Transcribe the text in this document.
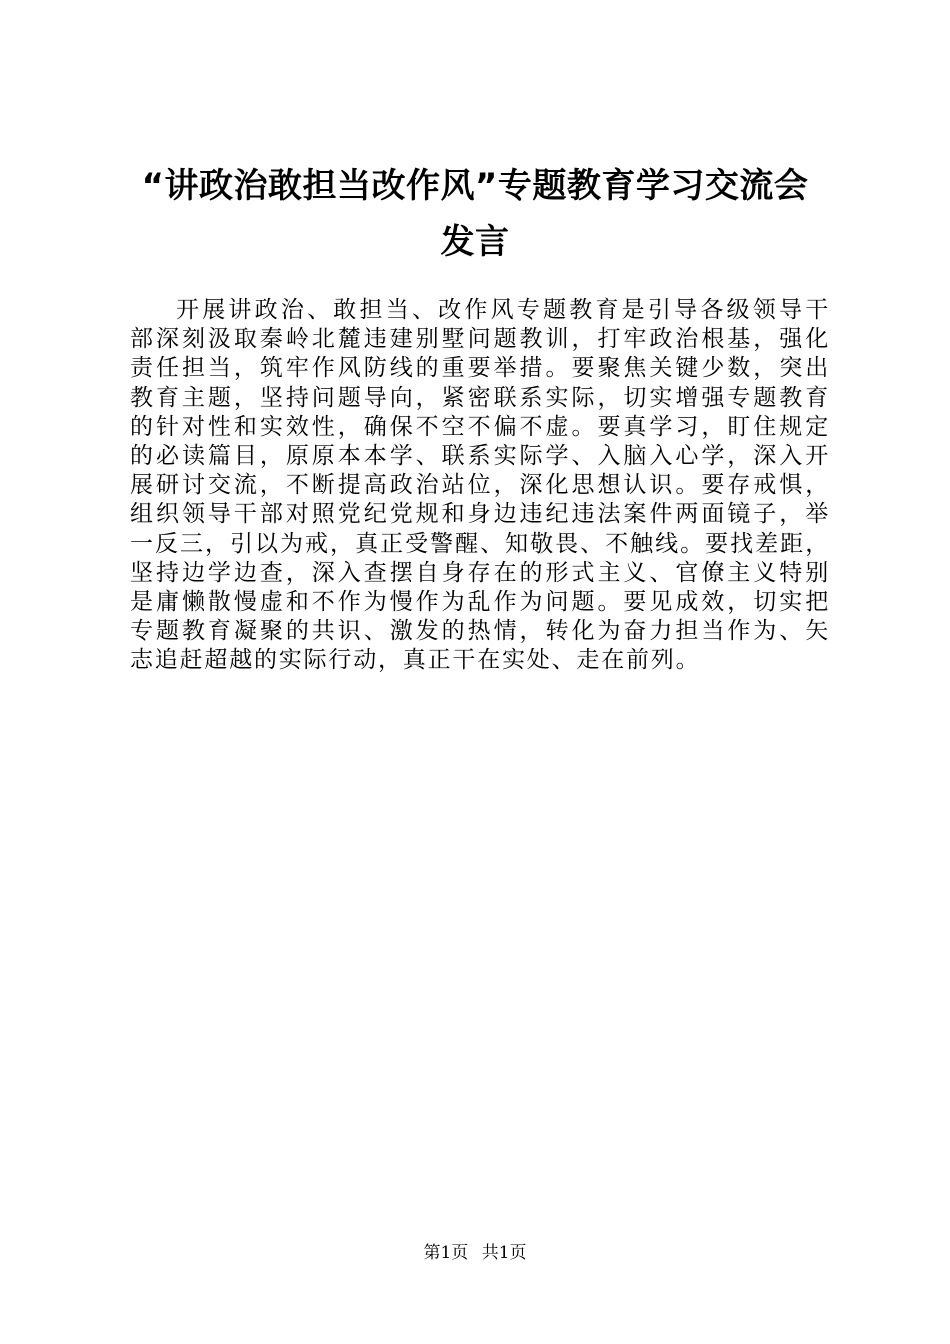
“讲政治敢担当改作风”专题教育学习交流会
发言
开展讲政治、敢担当、改作风专题教育是引导各级领导干
部深刻汲取秦岭北麓违建别墅问题教训，打牢政治根基，强化
责任担当，筑牢作风防线的重要举措。要聚焦关键少数，突出
教育主题，坚持问题导向，紧密联系实际，切实增强专题教育
的针对性和实效性，确保不空不偏不虚。要真学习，盯住规定
的必读篇目，原原本本学、联系实际学、入脑入心学，深入开
展研讨交流，不断提高政治站位，深化思想认识。要存戒惧，
组织领导干部对照党纪党规和身边违纪违法案件两面镜子，举
一反三，引以为戒，真正受警醒、知敬畏、不触线。要找差距，
坚持边学边查，深入查摆自身存在的形式主义、官僚主义特别
是庸懒散慢虚和不作为慢作为乱作为问题。要见成效，切实把
专题教育凝聚的共识、激发的热情，转化为奋力担当作为、矢
志追赶超越的实际行动，真正干在实处、走在前列。
第1页 共1页
